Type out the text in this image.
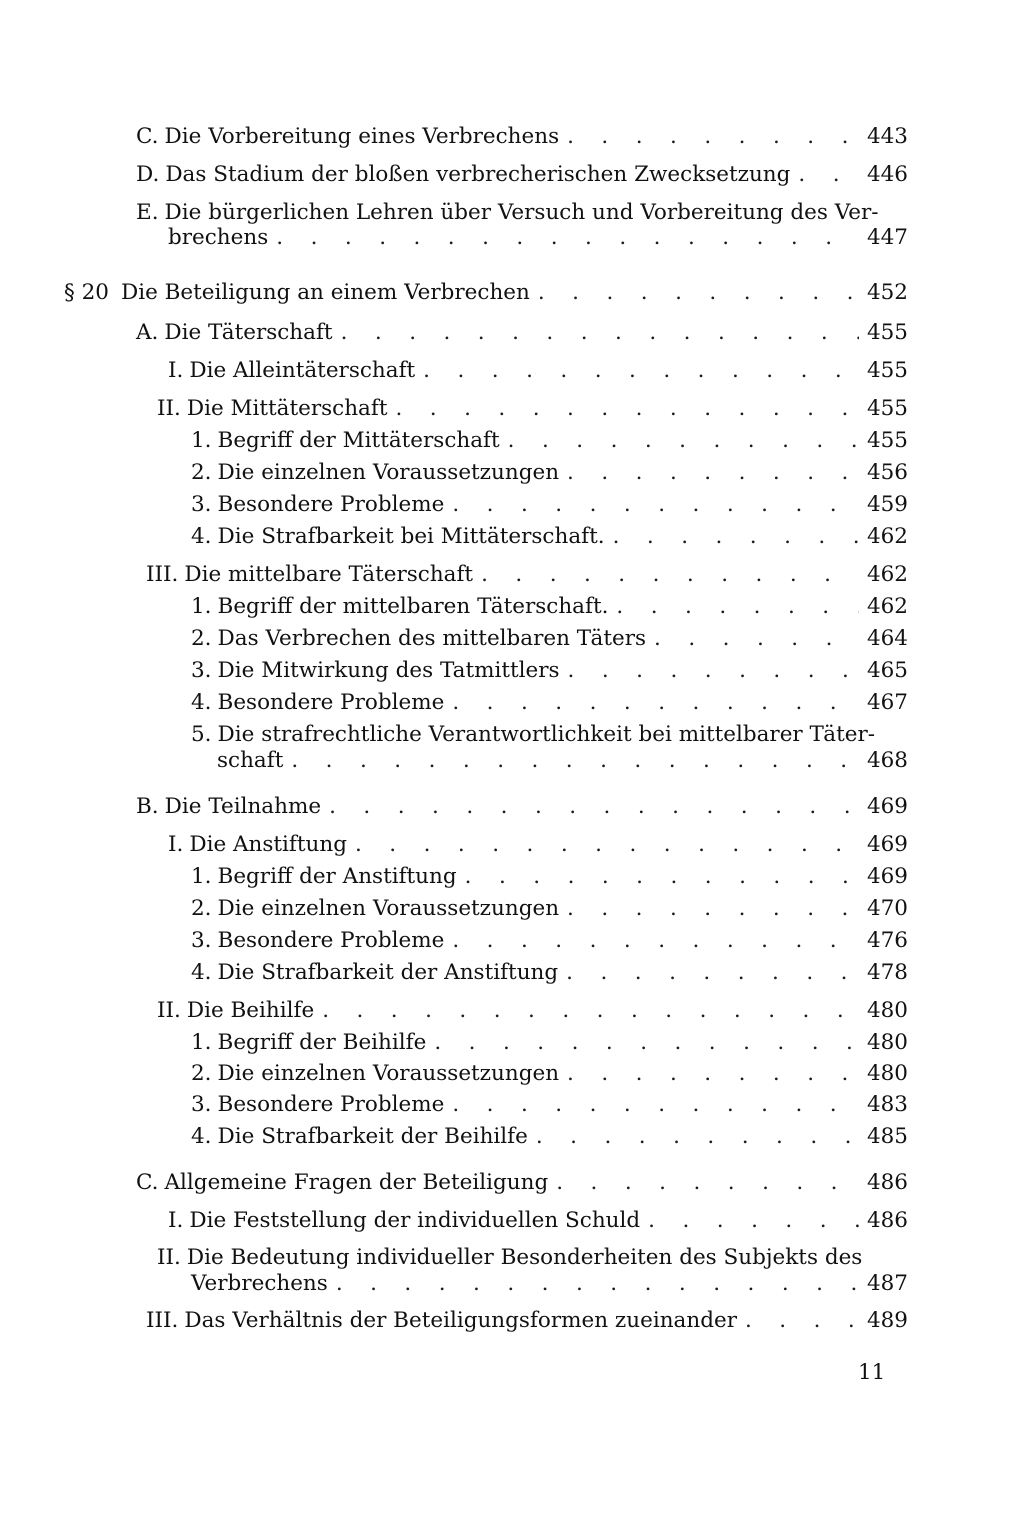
C. Die Vorbereitung eines Verbrechens . . .	443
D. Das Stadium der bloßen verbrecherischen Zwecksetzung . . .	446
E. Die bürgerlichen Lehren über Versuch und Vorbereitung des Ver-
brechens . . .	447
§ 20 Die Beteiligung an einem Verbrechen . . .	452
A. Die Täterschaft . . .	455
I. Die Alleintäterschaft . . .	455
II. Die Mittäterschaft . . .	455
1. Begriff der Mittäterschaft . . .	455
2. Die einzelnen Voraussetzungen . . .	456
3. Besondere Probleme . . .	459
4. Die Strafbarkeit bei Mittäterschaft. . . .	462
III. Die mittelbare Täterschaft . . .	462
1. Begriff der mittelbaren Täterschaft. . . .	462
2. Das Verbrechen des mittelbaren Täters . . .	464
3. Die Mitwirkung des Tatmittlers . . .	465
4. Besondere Probleme . . .	467
5. Die strafrechtliche Verantwortlichkeit bei mittelbarer Täter-
schaft . . .	468
B. Die Teilnahme . . .	469
I. Die Anstiftung . . .	469
1. Begriff der Anstiftung . . .	469
2. Die einzelnen Voraussetzungen . . .	470
3. Besondere Probleme . . .	476
4. Die Strafbarkeit der Anstiftung . . .	478
II. Die Beihilfe . . .	480
1. Begriff der Beihilfe . . .	480
2. Die einzelnen Voraussetzungen . . .	480
3. Besondere Probleme . . .	483
4. Die Strafbarkeit der Beihilfe . . .	485
C. Allgemeine Fragen der Beteiligung . . .	486
I. Die Feststellung der individuellen Schuld . . .	486
II. Die Bedeutung individueller Besonderheiten des Subjekts des
Verbrechens . . .	487
III. Das Verhältnis der Beteiligungsformen zueinander . . .	489
11
